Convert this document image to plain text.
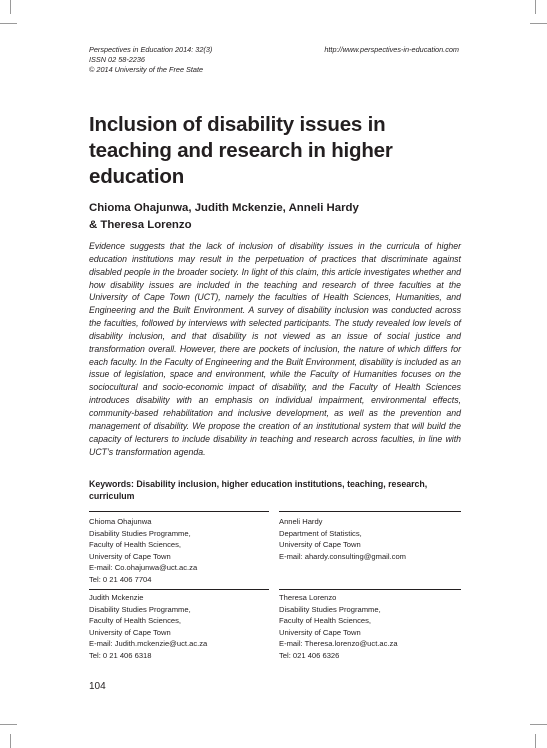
Perspectives in Education 2014: 32(3)
ISSN 02 58-2236
© 2014 University of the Free State
http://www.perspectives-in-education.com
Inclusion of disability issues in
teaching and research in higher
education
Chioma Ohajunwa, Judith Mckenzie, Anneli Hardy
& Theresa Lorenzo
Evidence suggests that the lack of inclusion of disability issues in the curricula of higher education institutions may result in the perpetuation of practices that discriminate against disabled people in the broader society. In light of this claim, this article investigates whether and how disability issues are included in the teaching and research of three faculties at the University of Cape Town (UCT), namely the faculties of Health Sciences, Humanities, and Engineering and the Built Environment. A survey of disability inclusion was conducted across the faculties, followed by interviews with selected participants. The study revealed low levels of disability inclusion, and that disability is not viewed as an issue of social justice and transformation overall. However, there are pockets of inclusion, the nature of which differs for each faculty. In the Faculty of Engineering and the Built Environment, disability is included as an issue of legislation, space and environment, while the Faculty of Humanities focuses on the sociocultural and socio-economic impact of disability, and the Faculty of Health Sciences introduces disability with an emphasis on individual impairment, environmental effects, community-based rehabilitation and inclusive development, as well as the prevention and management of disability. We propose the creation of an institutional system that will build the capacity of lecturers to include disability in teaching and research across faculties, in line with UCT’s transformation agenda.
Keywords: Disability inclusion, higher education institutions, teaching, research,
curriculum
Chioma Ohajunwa
Disability Studies Programme,
Faculty of Health Sciences,
University of Cape Town
E-mail: Co.ohajunwa@uct.ac.za
Tel: 0 21 406 7704
Anneli Hardy
Department of Statistics,
University of Cape Town
E-mail: ahardy.consulting@gmail.com
Judith Mckenzie
Disability Studies Programme,
Faculty of Health Sciences,
University of Cape Town
E-mail: Judith.mckenzie@uct.ac.za
Tel: 0 21 406 6318
Theresa Lorenzo
Disability Studies Programme,
Faculty of Health Sciences,
University of Cape Town
E-mail: Theresa.lorenzo@uct.ac.za
Tel: 021 406 6326
104
